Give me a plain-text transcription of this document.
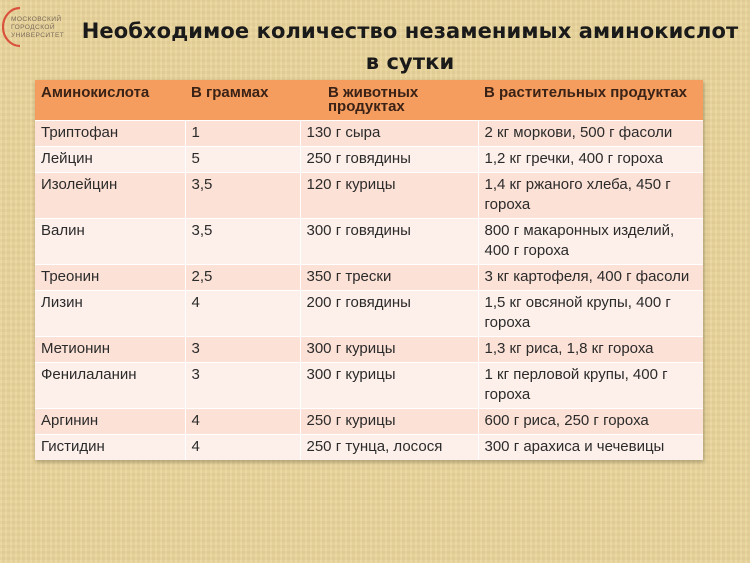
МОСКОВСКИЙ
ГОРОДСКОЙ
УНИВЕРСИТЕТ Необходимое количество незаменимых аминокислот
в сутки
Аминокислота	В граммах	В животных продуктах	В растительных продуктах
Триптофан	1	130 г сыра	2 кг моркови, 500 г фасоли
Лейцин	5	250 г говядины	1,2 кг гречки, 400 г гороха
Изолейцин	3,5	120 г курицы	1,4 кг ржаного хлеба, 450 г гороха
Валин	3,5	300 г говядины	800 г макаронных изделий, 400 г гороха
Треонин	2,5	350 г трески	3 кг картофеля, 400 г фасоли
Лизин	4	200 г говядины	1,5 кг овсяной крупы, 400 г гороха
Метионин	3	300 г курицы	1,3 кг риса, 1,8 кг гороха
Фенилаланин	3	300 г курицы	1 кг перловой крупы, 400 г гороха
Аргинин	4	250 г курицы	600 г риса, 250 г гороха
Гистидин	4	250 г тунца, лосося	300 г арахиса и чечевицы
